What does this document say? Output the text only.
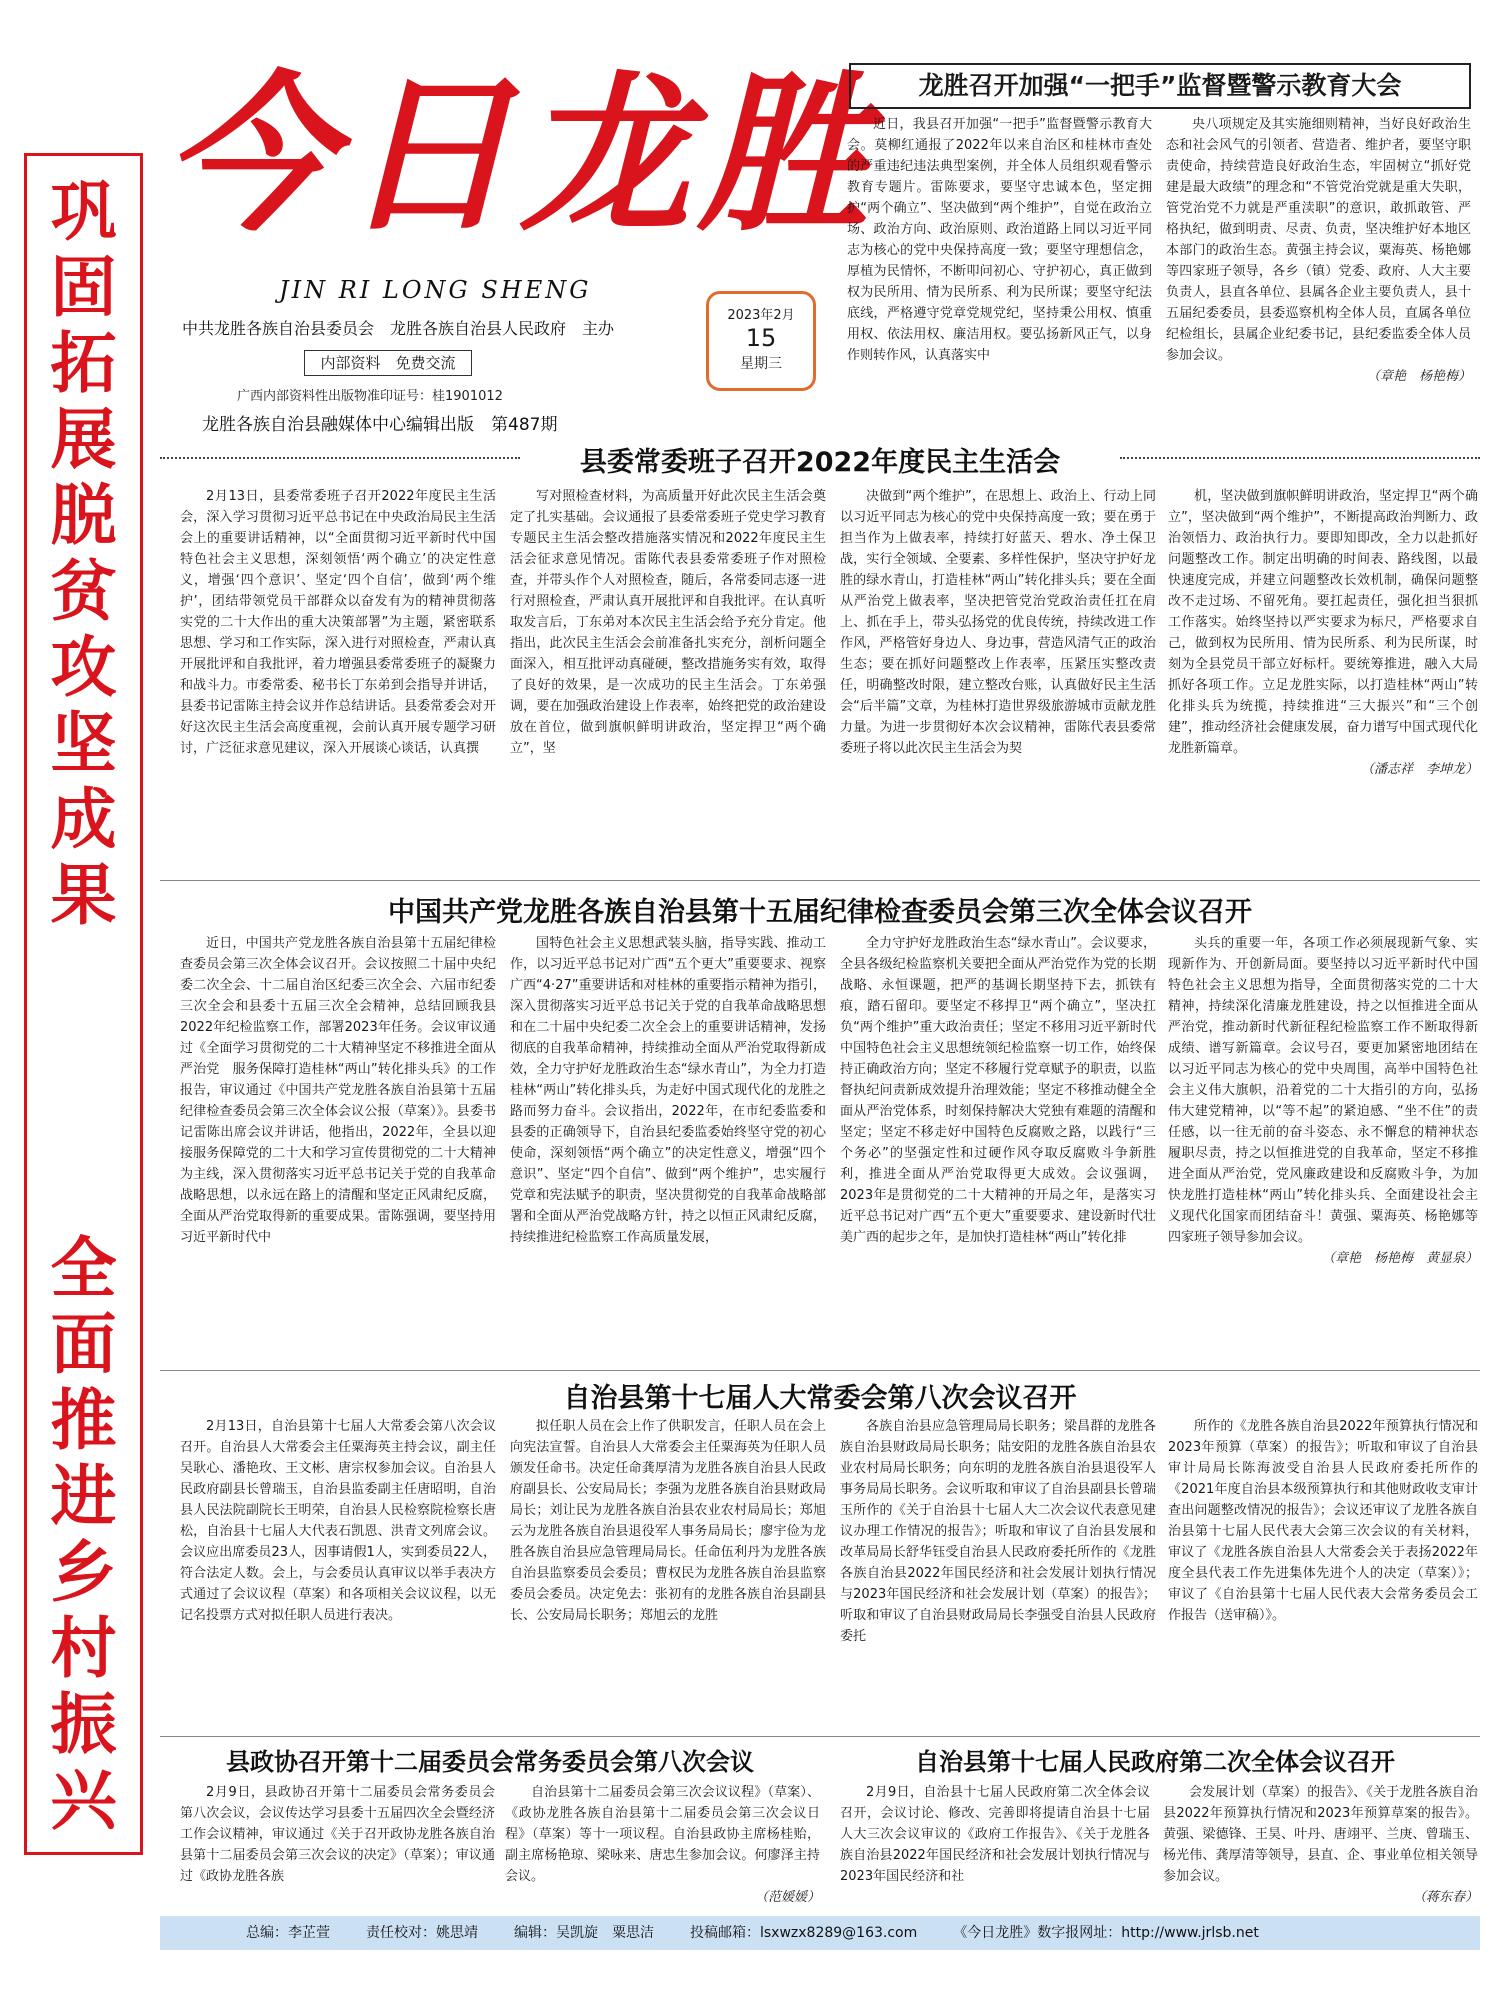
巩
固
拓
展
脱
贫
攻
坚
成
果
全
面
推
进
乡
村
振
兴
今日龙胜
JIN RI LONG SHENG
中共龙胜各族自治县委员会　龙胜各族自治县人民政府　主办
内部资料　免费交流
广西内部资料性出版物准印证号：桂1901012
龙胜各族自治县融媒体中心编辑出版　第487期
2023年2月
15
星期三
龙胜召开加强“一把手”监督暨警示教育大会

近日，我县召开加强“一把手”监督暨警示教育大会。莫柳红通报了2022年以来自治区和桂林市查处的严重违纪违法典型案例，并全体人员组织观看警示教育专题片。雷陈要求，要坚守忠诚本色，坚定拥护“两个确立”、坚决做到“两个维护”，自觉在政治立场、政治方向、政治原则、政治道路上同以习近平同志为核心的党中央保持高度一致；要坚守理想信念，厚植为民情怀，不断叩问初心、守护初心，真正做到权为民所用、情为民所系、利为民所谋；要坚守纪法底线，严格遵守党章党规党纪，坚持秉公用权、慎重用权、依法用权、廉洁用权。要弘扬新风正气，以身作则转作风，认真落实中

央八项规定及其实施细则精神，当好良好政治生态和社会风气的引领者、营造者、维护者，要坚守职责使命，持续营造良好政治生态，牢固树立“抓好党建是最大政绩”的理念和“不管党治党就是重大失职，管党治党不力就是严重渎职”的意识，敢抓敢管、严格执纪，做到明责、尽责、负责，坚决维护好本地区本部门的政治生态。黄强主持会议，粟海英、杨艳娜等四家班子领导，各乡（镇）党委、政府、人大主要负责人，县直各单位、县属各企业主要负责人，县十五届纪委委员，县委巡察机构全体人员，直属各单位纪检组长，县属企业纪委书记，县纪委监委全体人员参加会议。

（章艳　杨艳梅）
县委常委班子召开2022年度民主生活会

2月13日，县委常委班子召开2022年度民主生活会，深入学习贯彻习近平总书记在中央政治局民主生活会上的重要讲话精神，以“全面贯彻习近平新时代中国特色社会主义思想，深刻领悟‘两个确立’的决定性意义，增强‘四个意识’、坚定‘四个自信’，做到‘两个维护’，团结带领党员干部群众以奋发有为的精神贯彻落实党的二十大作出的重大决策部署”为主题，紧密联系思想、学习和工作实际，深入进行对照检查，严肃认真开展批评和自我批评，着力增强县委常委班子的凝聚力和战斗力。市委常委、秘书长丁东弟到会指导并讲话，县委书记雷陈主持会议并作总结讲话。县委常委会对开好这次民主生活会高度重视，会前认真开展专题学习研讨，广泛征求意见建议，深入开展谈心谈话，认真撰

写对照检查材料，为高质量开好此次民主生活会奠定了扎实基础。会议通报了县委常委班子党史学习教育专题民主生活会整改措施落实情况和2022年度民主生活会征求意见情况。雷陈代表县委常委班子作对照检查，并带头作个人对照检查，随后，各常委同志逐一进行对照检查，严肃认真开展批评和自我批评。在认真听取发言后，丁东弟对本次民主生活会给予充分肯定。他指出，此次民主生活会会前准备扎实充分，剖析问题全面深入，相互批评动真碰硬，整改措施务实有效，取得了良好的效果，是一次成功的民主生活会。丁东弟强调，要在加强政治建设上作表率，始终把党的政治建设放在首位，做到旗帜鲜明讲政治，坚定捍卫“两个确立”，坚

决做到“两个维护”，在思想上、政治上、行动上同以习近平同志为核心的党中央保持高度一致；要在勇于担当作为上做表率，持续打好蓝天、碧水、净土保卫战，实行全领域、全要素、多样性保护，坚决守护好龙胜的绿水青山，打造桂林“两山”转化排头兵；要在全面从严治党上做表率，坚决把管党治党政治责任扛在肩上、抓在手上，带头弘扬党的优良传统，持续改进工作作风，严格管好身边人、身边事，营造风清气正的政治生态；要在抓好问题整改上作表率，压紧压实整改责任，明确整改时限，建立整改台账，认真做好民主生活会“后半篇”文章，为桂林打造世界级旅游城市贡献龙胜力量。为进一步贯彻好本次会议精神，雷陈代表县委常委班子将以此次民主生活会为契

机，坚决做到旗帜鲜明讲政治，坚定捍卫“两个确立”，坚决做到“两个维护”，不断提高政治判断力、政治领悟力、政治执行力。要即知即改，全力以赴抓好问题整改工作。制定出明确的时间表、路线图，以最快速度完成，并建立问题整改长效机制，确保问题整改不走过场、不留死角。要扛起责任，强化担当狠抓工作落实。始终坚持以严实要求为标尺，严格要求自己，做到权为民所用、情为民所系、利为民所谋，时刻为全县党员干部立好标杆。要统筹推进，融入大局抓好各项工作。立足龙胜实际，以打造桂林“两山”转化排头兵为统揽，持续推进“三大振兴”和“三个创建”，推动经济社会健康发展，奋力谱写中国式现代化龙胜新篇章。

（潘志祥　李坤龙）
中国共产党龙胜各族自治县第十五届纪律检查委员会第三次全体会议召开

近日，中国共产党龙胜各族自治县第十五届纪律检查委员会第三次全体会议召开。会议按照二十届中央纪委二次全会、十二届自治区纪委三次全会、六届市纪委三次全会和县委十五届三次全会精神，总结回顾我县2022年纪检监察工作，部署2023年任务。会议审议通过《全面学习贯彻党的二十大精神坚定不移推进全面从严治党　服务保障打造桂林“两山”转化排头兵》的工作报告，审议通过《中国共产党龙胜各族自治县第十五届纪律检查委员会第三次全体会议公报（草案）》。县委书记雷陈出席会议并讲话，他指出，2022年，全县以迎接服务保障党的二十大和学习宣传贯彻党的二十大精神为主线，深入贯彻落实习近平总书记关于党的自我革命战略思想，以永远在路上的清醒和坚定正风肃纪反腐，全面从严治党取得新的重要成果。雷陈强调，要坚持用习近平新时代中

国特色社会主义思想武装头脑，指导实践、推动工作，以习近平总书记对广西“五个更大”重要要求、视察广西“4·27”重要讲话和对桂林的重要指示精神为指引，深入贯彻落实习近平总书记关于党的自我革命战略思想和在二十届中央纪委二次全会上的重要讲话精神，发扬彻底的自我革命精神，持续推动全面从严治党取得新成效，全力守护好龙胜政治生态“绿水青山”，为全力打造桂林“两山”转化排头兵，为走好中国式现代化的龙胜之路而努力奋斗。会议指出，2022年，在市纪委监委和县委的正确领导下，自治县纪委监委始终坚守党的初心使命，深刻领悟“两个确立”的决定性意义，增强“四个意识”、坚定“四个自信”、做到“两个维护”，忠实履行党章和宪法赋予的职责，坚决贯彻党的自我革命战略部署和全面从严治党战略方针，持之以恒正风肃纪反腐，持续推进纪检监察工作高质量发展，

全力守护好龙胜政治生态“绿水青山”。会议要求，全县各级纪检监察机关要把全面从严治党作为党的长期战略、永恒课题，把严的基调长期坚持下去，抓铁有痕，踏石留印。要坚定不移捍卫“两个确立”，坚决扛负“两个维护”重大政治责任；坚定不移用习近平新时代中国特色社会主义思想统领纪检监察一切工作，始终保持正确政治方向；坚定不移履行党章赋予的职责，以监督执纪问责新成效提升治理效能；坚定不移推动健全全面从严治党体系，时刻保持解决大党独有难题的清醒和坚定；坚定不移走好中国特色反腐败之路，以践行“三个务必”的坚强定性和过硬作风夺取反腐败斗争新胜利，推进全面从严治党取得更大成效。会议强调，2023年是贯彻党的二十大精神的开局之年，是落实习近平总书记对广西“五个更大”重要要求、建设新时代壮美广西的起步之年，是加快打造桂林“两山”转化排

头兵的重要一年，各项工作必须展现新气象、实现新作为、开创新局面。要坚持以习近平新时代中国特色社会主义思想为指导，全面贯彻落实党的二十大精神，持续深化清廉龙胜建设，持之以恒推进全面从严治党，推动新时代新征程纪检监察工作不断取得新成绩、谱写新篇章。会议号召，要更加紧密地团结在以习近平同志为核心的党中央周围，高举中国特色社会主义伟大旗帜，沿着党的二十大指引的方向，弘扬伟大建党精神，以“等不起”的紧迫感、“坐不住”的责任感，以一往无前的奋斗姿态、永不懈怠的精神状态履职尽责，持之以恒推进党的自我革命，坚定不移推进全面从严治党，党风廉政建设和反腐败斗争，为加快龙胜打造桂林“两山”转化排头兵、全面建设社会主义现代化国家而团结奋斗！黄强、粟海英、杨艳娜等四家班子领导参加会议。

（章艳　杨艳梅　黄显泉）
自治县第十七届人大常委会第八次会议召开

2月13日，自治县第十七届人大常委会第八次会议召开。自治县人大常委会主任粟海英主持会议，副主任吴耿心、潘艳玫、王文彬、唐宗权参加会议。自治县人民政府副县长曾瑞玉，自治县监委副主任唐昭明，自治县人民法院副院长王明荣，自治县人民检察院检察长唐松，自治县十七届人大代表石凯恩、洪青文列席会议。会议应出席委员23人，因事请假1人，实到委员22人，符合法定人数。会上，与会委员认真审议以举手表决方式通过了会议议程（草案）和各项相关会议议程，以无记名投票方式对拟任职人员进行表决。

拟任职人员在会上作了供职发言，任职人员在会上向宪法宣誓。自治县人大常委会主任粟海英为任职人员颁发任命书。决定任命龚厚清为龙胜各族自治县人民政府副县长、公安局局长；李强为龙胜各族自治县财政局局长；刘让民为龙胜各族自治县农业农村局局长；郑旭云为龙胜各族自治县退役军人事务局局长；廖宇俭为龙胜各族自治县应急管理局局长。任命伍利丹为龙胜各族自治县监察委员会委员；曹权民为龙胜各族自治县监察委员会委员。决定免去：张初有的龙胜各族自治县副县长、公安局局长职务；郑旭云的龙胜

各族自治县应急管理局局长职务；梁昌群的龙胜各族自治县财政局局长职务；陆安阳的龙胜各族自治县农业农村局局长职务；向东明的龙胜各族自治县退役军人事务局局长职务。会议听取和审议了自治县副县长曾瑞玉所作的《关于自治县十七届人大二次会议代表意见建议办理工作情况的报告》；听取和审议了自治县发展和改革局局长舒华钰受自治县人民政府委托所作的《龙胜各族自治县2022年国民经济和社会发展计划执行情况与2023年国民经济和社会发展计划（草案）的报告》；听取和审议了自治县财政局局长李强受自治县人民政府委托

所作的《龙胜各族自治县2022年预算执行情况和2023年预算（草案）的报告》；听取和审议了自治县审计局局长陈海波受自治县人民政府委托所作的《2021年度自治县本级预算执行和其他财政收支审计查出问题整改情况的报告》；会议还审议了龙胜各族自治县第十七届人民代表大会第三次会议的有关材料，审议了《龙胜各族自治县人大常委会关于表扬2022年度全县代表工作先进集体先进个人的决定（草案）》；审议了《自治县第十七届人民代表大会常务委员会工作报告（送审稿）》。

县政协召开第十二届委员会常务委员会第八次会议	自治县第十七届人民政府第二次全体会议召开

2月9日，县政协召开第十二届委员会常务委员会第八次会议，会议传达学习县委十五届四次全会暨经济工作会议精神，审议通过《关于召开政协龙胜各族自治县第十二届委员会第三次会议的决定》（草案）；审议通过《政协龙胜各族

自治县第十二届委员会第三次会议议程》（草案）、《政协龙胜各族自治县第十二届委员会第三次会议日程》（草案）等十一项议程。自治县政协主席杨桂贻，副主席杨艳琼、梁咏来、唐忠生参加会议。何廖泽主持会议。

（范媛媛）

2月9日，自治县十七届人民政府第二次全体会议召开，会议讨论、修改、完善即将提请自治县十七届人大三次会议审议的《政府工作报告》、《关于龙胜各族自治县2022年国民经济和社会发展计划执行情况与2023年国民经济和社

会发展计划（草案）的报告》、《关于龙胜各族自治县2022年预算执行情况和2023年预算草案的报告》。黄强、梁德锋、王昊、叶丹、唐翊平、兰庚、曾瑞玉、杨光伟、龚厚清等领导，县直、企、事业单位相关领导参加会议。

（蒋东春）
总编：李芷萱	责任校对：姚思靖	编辑：吴凯旋　粟思洁	投稿邮箱：lsxwzx8289@163.com	《今日龙胜》数字报网址：http://www.jrlsb.net
